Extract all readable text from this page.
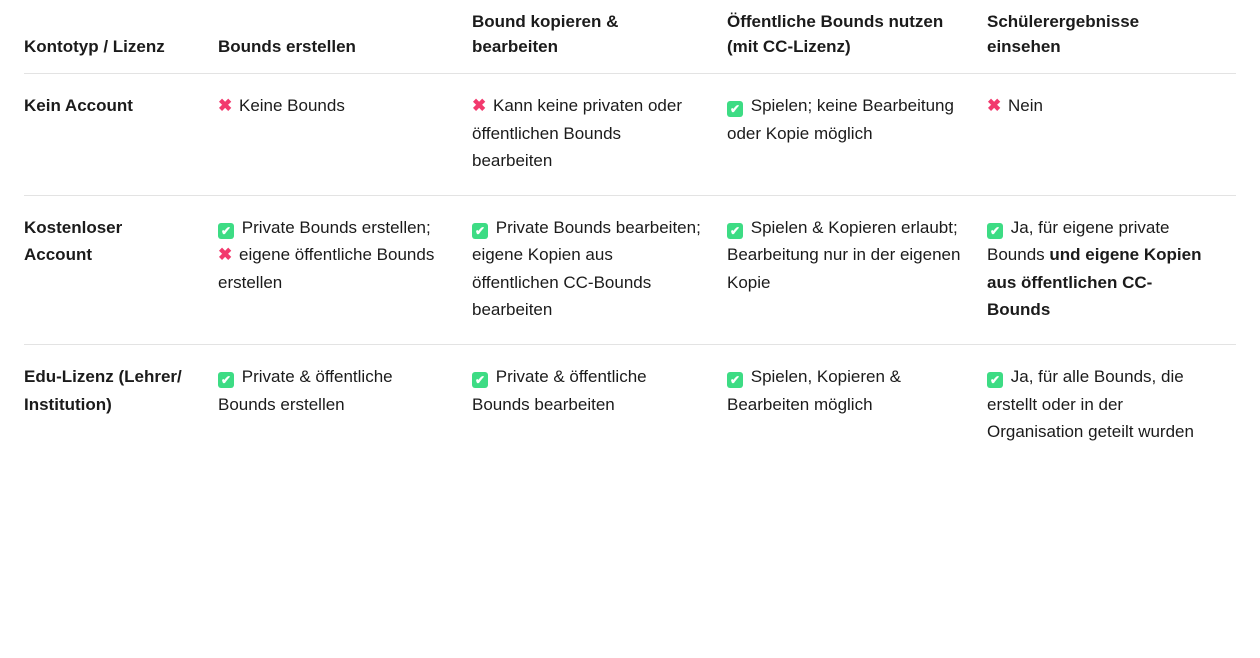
Kontotyp / Lizenz	Bounds erstellen	Bound kopieren & bearbeiten	Öffentliche Bounds nutzen (mit CC-Lizenz)	Schülerergebnisse einsehen
Kein Account	✖ Keine Bounds	✖ Kann keine privaten oder öffentlichen Bounds bearbeiten	✔ Spielen; keine Bearbeitung oder Kopie möglich	✖ Nein

Kostenloser Account	✔ Private Bounds erstellen; ✖ eigene öffentliche Bounds erstellen	✔ Private Bounds bearbeiten; eigene Kopien aus öffentlichen CC-Bounds bearbeiten	✔ Spielen & Kopieren erlaubt; Bearbeitung nur in der eigenen Kopie	✔ Ja, für eigene private Bounds und eigene Kopien aus öffentlichen CC-Bounds

Edu-Lizenz (Lehrer/ Institution)	✔ Private & öffentliche Bounds erstellen	✔ Private & öffentliche Bounds bearbeiten	✔ Spielen, Kopieren & Bearbeiten möglich	✔ Ja, für alle Bounds, die erstellt oder in der Organisation geteilt wurden
